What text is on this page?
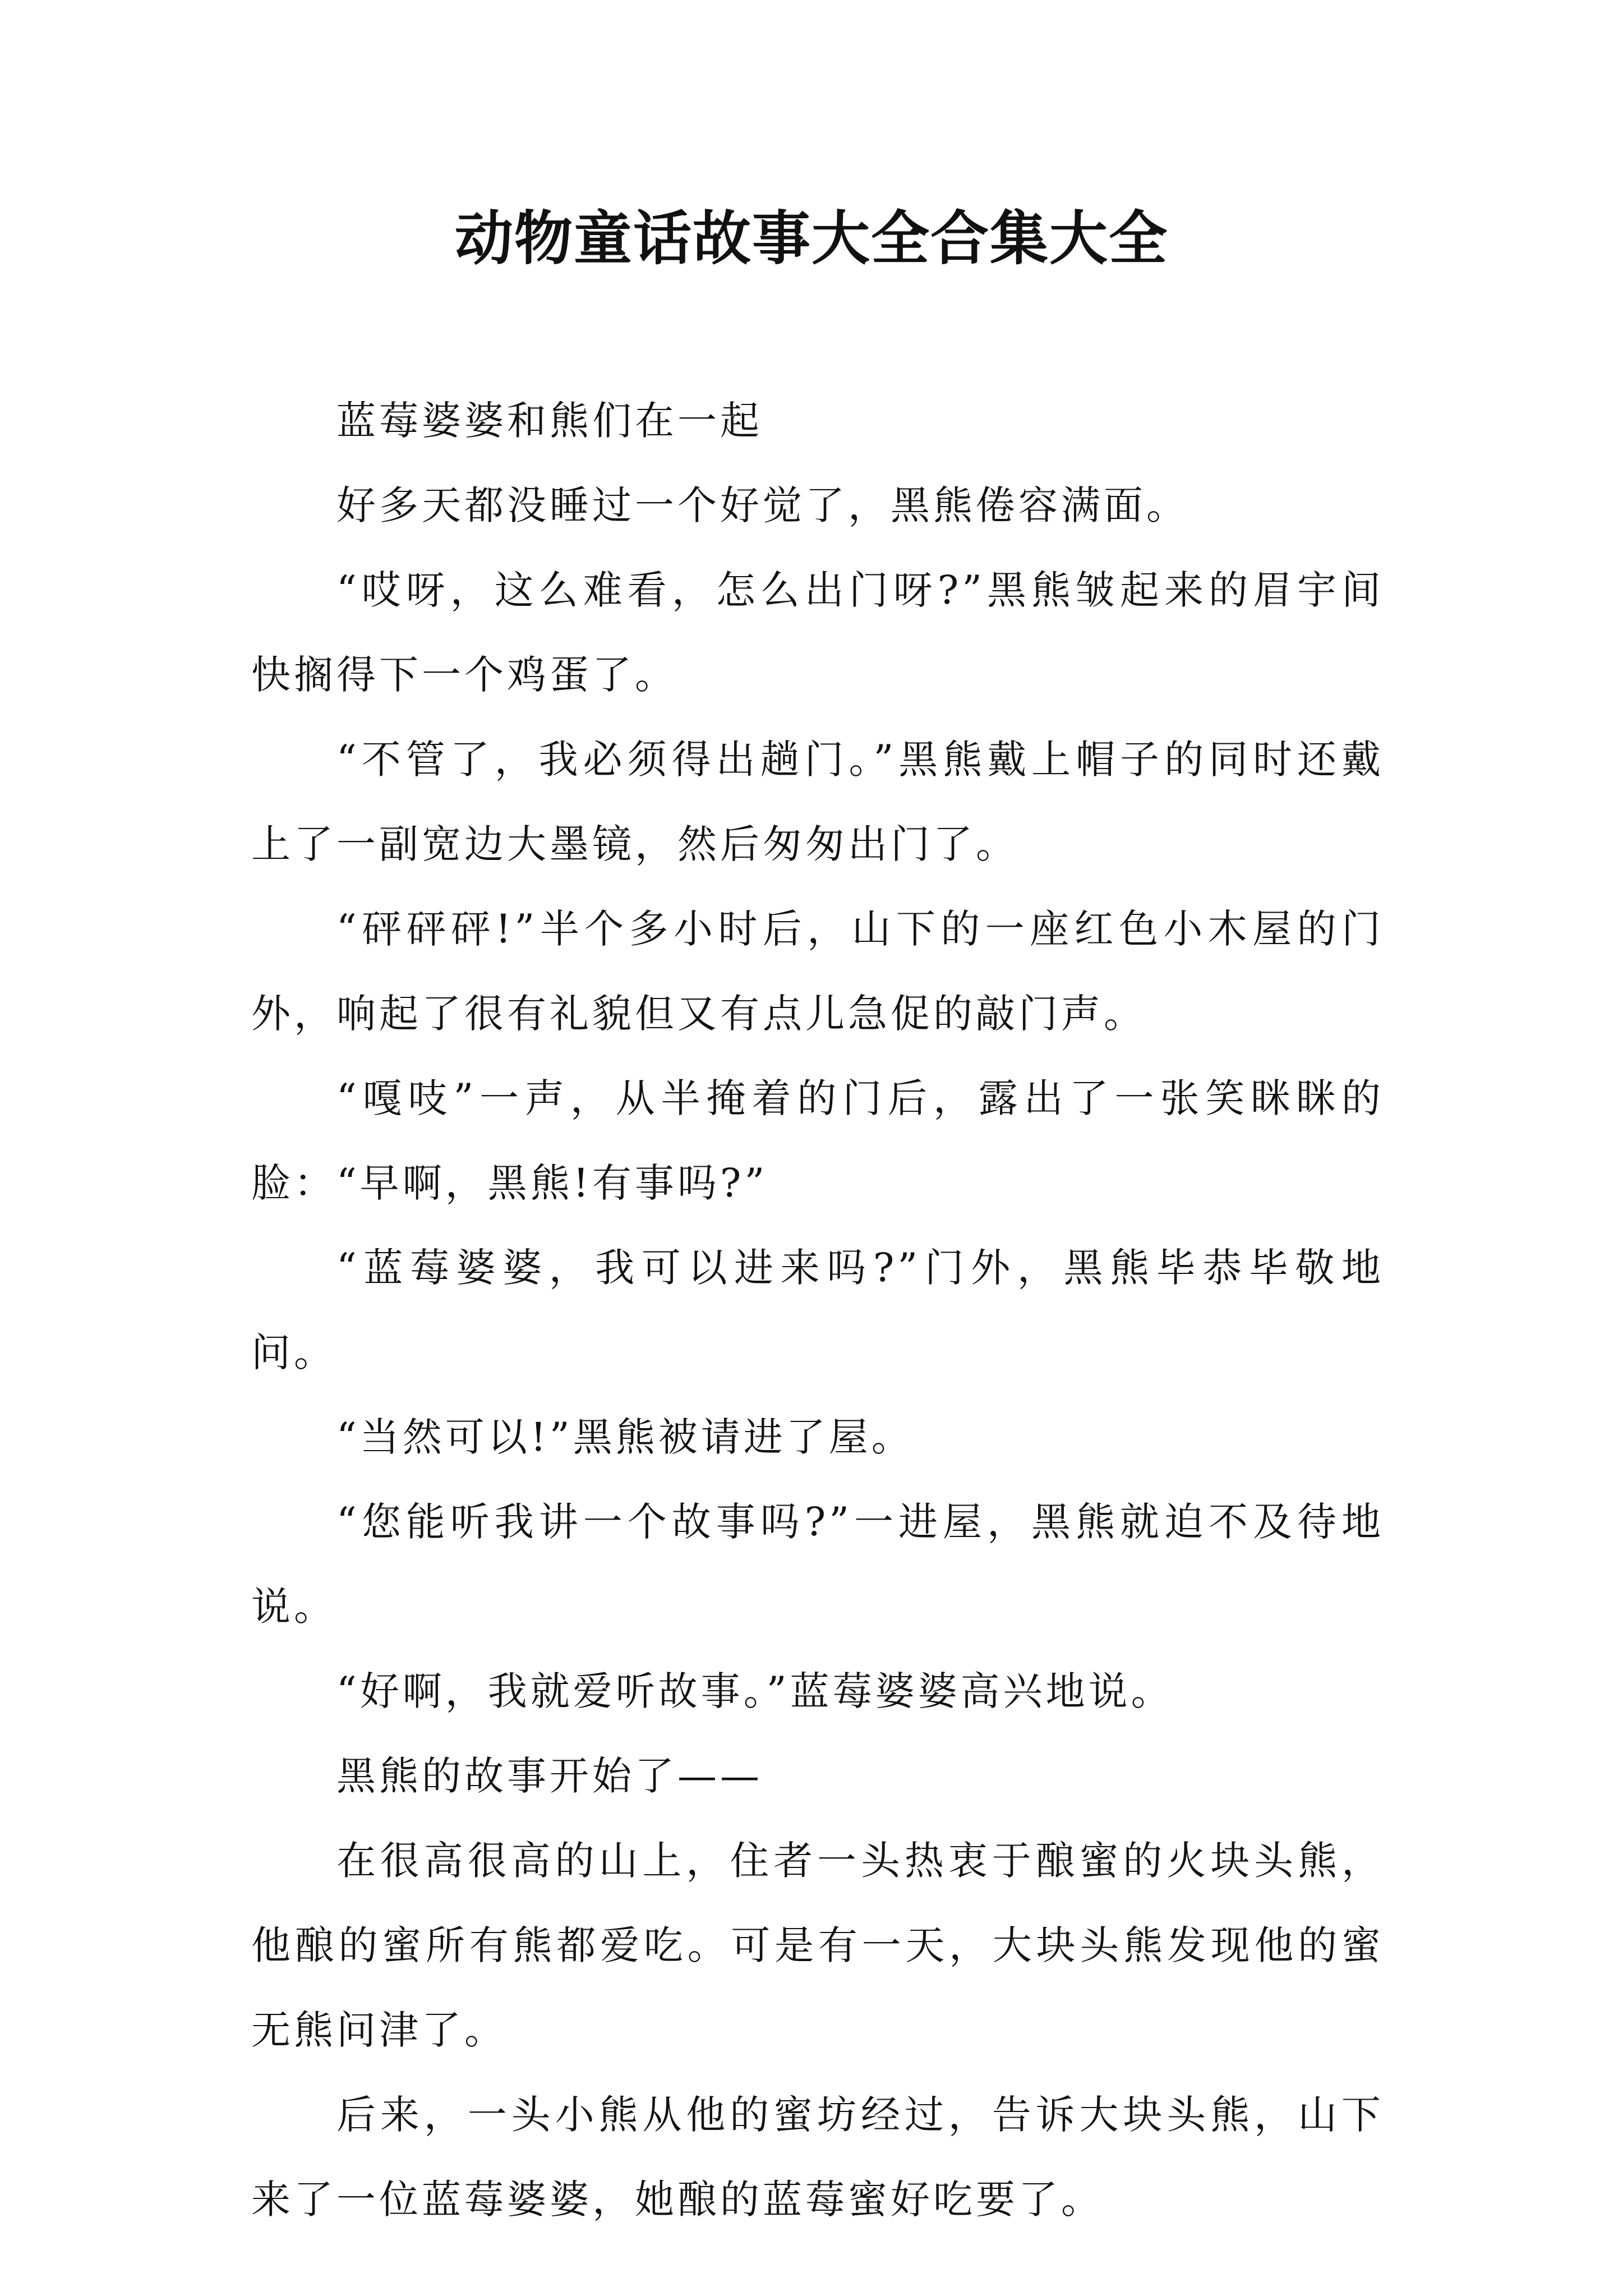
动物童话故事大全合集大全

蓝莓婆婆和熊们在一起

好多天都没睡过一个好觉了，黑熊倦容满面。

“哎呀，这么难看，怎么出门呀?”黑熊皱起来的眉宇间快搁得下一个鸡蛋了。

“不管了，我必须得出趟门。”黑熊戴上帽子的同时还戴上了一副宽边大墨镜，然后匆匆出门了。

“砰砰砰!”半个多小时后，山下的一座红色小木屋的门外，响起了很有礼貌但又有点儿急促的敲门声。

“嘎吱”一声，从半掩着的门后，露出了一张笑眯眯的脸：“早啊，黑熊!有事吗?”

“蓝莓婆婆，我可以进来吗?”门外，黑熊毕恭毕敬地问。

“当然可以!”黑熊被请进了屋。

“您能听我讲一个故事吗?”一进屋，黑熊就迫不及待地说。

“好啊，我就爱听故事。”蓝莓婆婆高兴地说。

黑熊的故事开始了——

在很高很高的山上，住者一头热衷于酿蜜的火块头熊，他酿的蜜所有熊都爱吃。可是有一天，大块头熊发现他的蜜无熊问津了。

后来，一头小熊从他的蜜坊经过，告诉大块头熊，山下来了一位蓝莓婆婆，她酿的蓝莓蜜好吃要了。
